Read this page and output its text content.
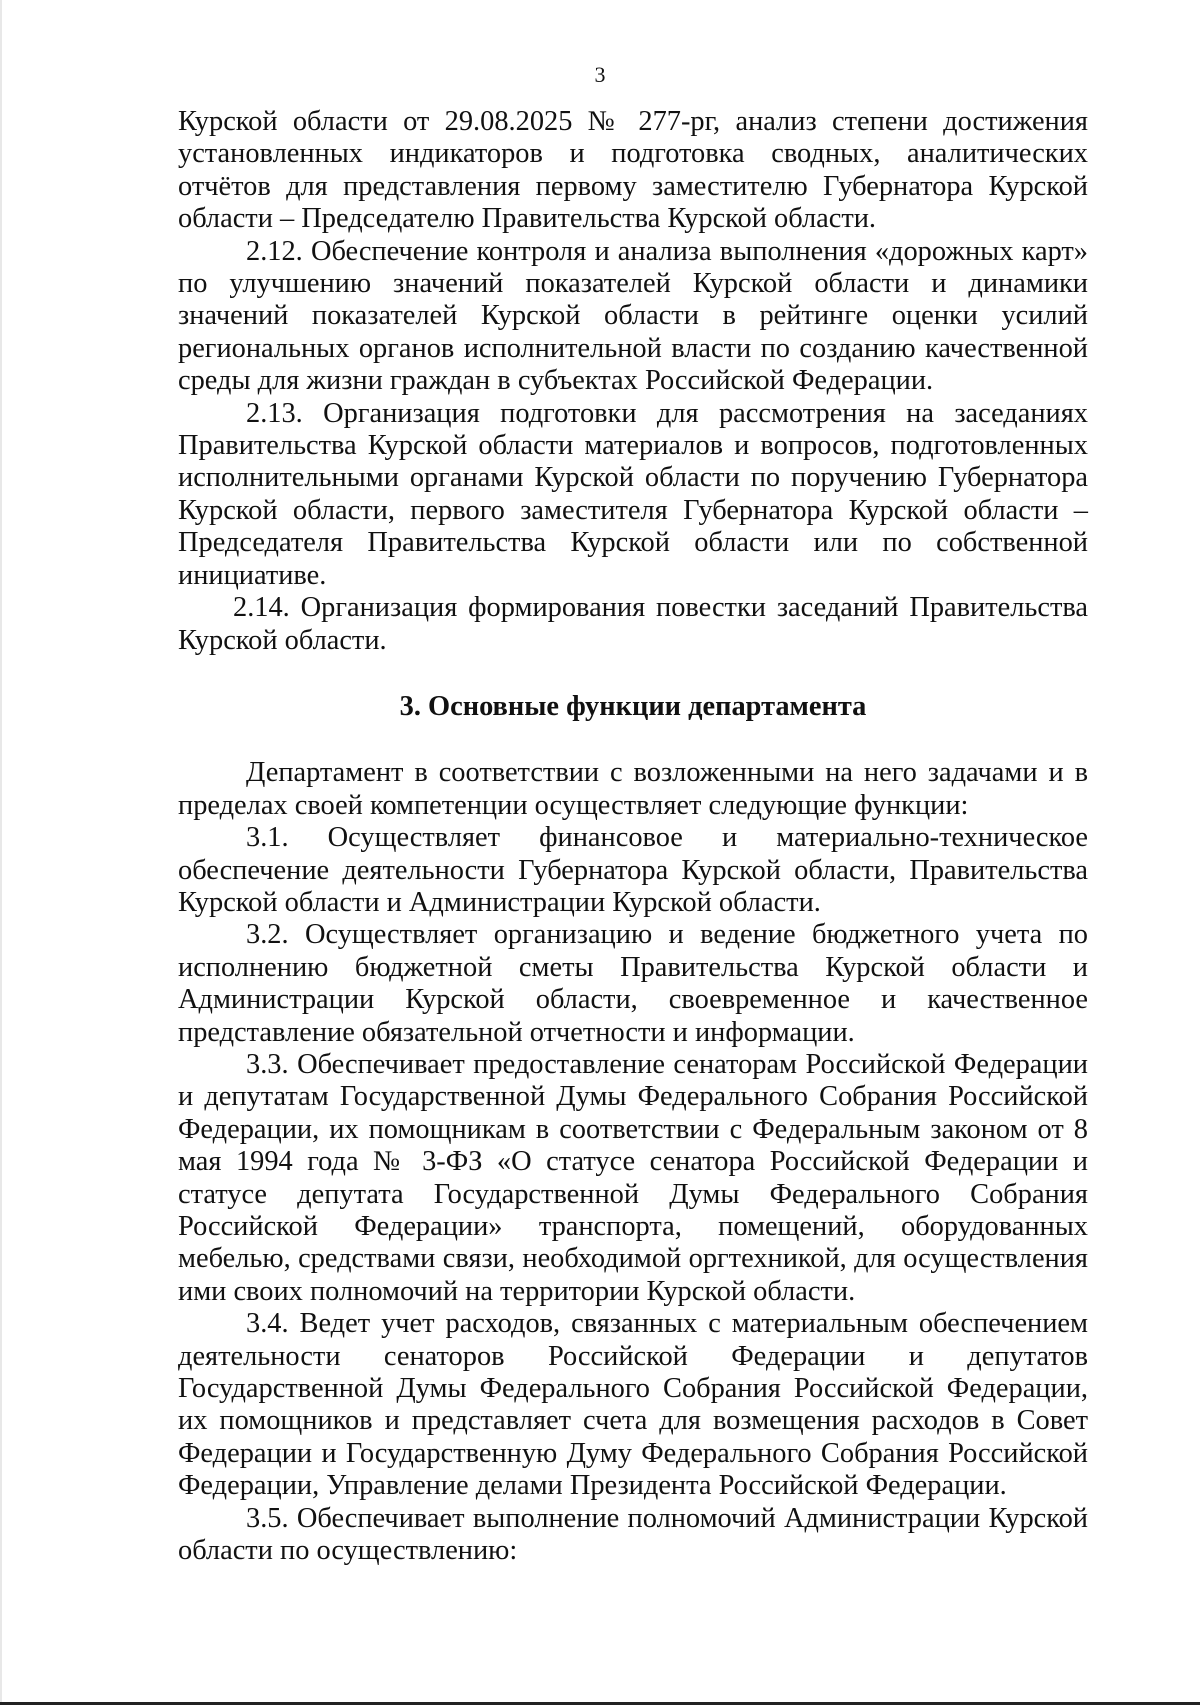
3

Курской области от 29.08.2025 № 277-рг, анализ степени достижения установленных индикаторов и подготовка сводных, аналитических отчётов для представления первому заместителю Губернатора Курской области – Председателю Правительства Курской области.

2.12. Обеспечение контроля и анализа выполнения «дорожных карт» по улучшению значений показателей Курской области и динамики значений показателей Курской области в рейтинге оценки усилий региональных органов исполнительной власти по созданию качественной среды для жизни граждан в субъектах Российской Федерации.

2.13. Организация подготовки для рассмотрения на заседаниях Правительства Курской области материалов и вопросов, подготовленных исполнительными органами Курской области по поручению Губернатора Курской области, первого заместителя Губернатора Курской области – Председателя Правительства Курской области или по собственной инициативе.

2.14. Организация формирования повестки заседаний Правительства Курской области.

3. Основные функции департамента

Департамент в соответствии с возложенными на него задачами и в пределах своей компетенции осуществляет следующие функции:

3.1. Осуществляет финансовое и материально-техническое обеспечение деятельности Губернатора Курской области, Правительства Курской области и Администрации Курской области.

3.2. Осуществляет организацию и ведение бюджетного учета по исполнению бюджетной сметы Правительства Курской области и Администрации Курской области, своевременное и качественное представление обязательной отчетности и информации.

3.3. Обеспечивает предоставление сенаторам Российской Федерации и депутатам Государственной Думы Федерального Собрания Российской Федерации, их помощникам в соответствии с Федеральным законом от 8 мая 1994 года № 3-ФЗ «О статусе сенатора Российской Федерации и статусе депутата Государственной Думы Федерального Собрания Российской Федерации» транспорта, помещений, оборудованных мебелью, средствами связи, необходимой оргтехникой, для осуществления ими своих полномочий на территории Курской области.

3.4. Ведет учет расходов, связанных с материальным обеспечением деятельности сенаторов Российской Федерации и депутатов Государственной Думы Федерального Собрания Российской Федерации, их помощников и представляет счета для возмещения расходов в Совет Федерации и Государственную Думу Федерального Собрания Российской Федерации, Управление делами Президента Российской Федерации.

3.5. Обеспечивает выполнение полномочий Администрации Курской области по осуществлению:
